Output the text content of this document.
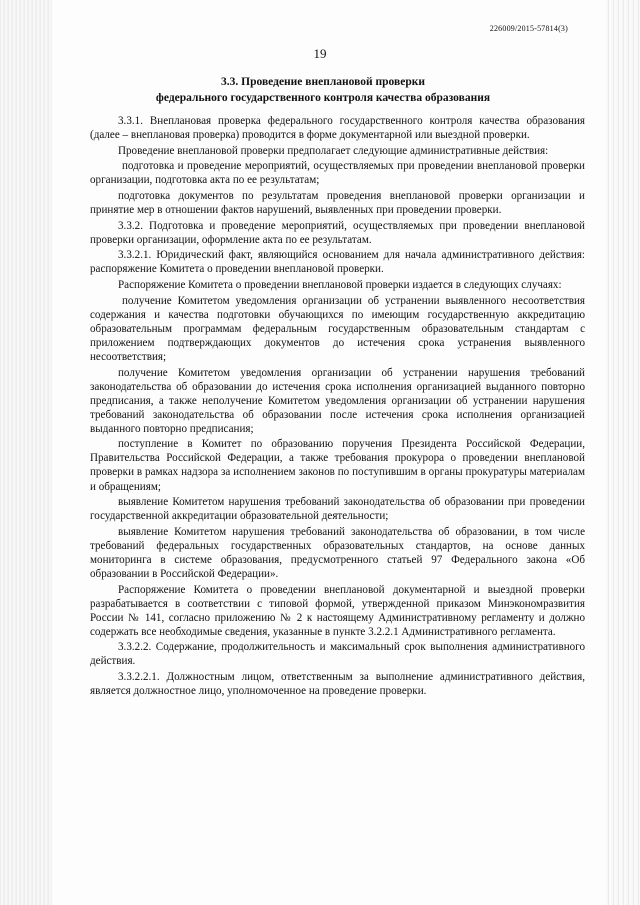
226009/2015-57814(3)
19
3.3. Проведение внеплановой проверки
федерального государственного контроля качества образования

3.3.1. Внеплановая проверка федерального государственного контроля качества образования (далее – внеплановая проверка) проводится в форме документарной или выездной проверки.

Проведение внеплановой проверки предполагает следующие административные действия:

подготовка и проведение мероприятий, осуществляемых при проведении внеплановой проверки организации, подготовка акта по ее результатам;

подготовка документов по результатам проведения внеплановой проверки организации и принятие мер в отношении фактов нарушений, выявленных при проведении проверки.

3.3.2. Подготовка и проведение мероприятий, осуществляемых при проведении внеплановой проверки организации, оформление акта по ее результатам.

3.3.2.1. Юридический факт, являющийся основанием для начала административного действия: распоряжение Комитета о проведении внеплановой проверки.

Распоряжение Комитета о проведении внеплановой проверки издается в следующих случаях:

получение Комитетом уведомления организации об устранении выявленного несоответствия содержания и качества подготовки обучающихся по имеющим государственную аккредитацию образовательным программам федеральным государственным образовательным стандартам с приложением подтверждающих документов до истечения срока устранения выявленного несоответствия;

получение Комитетом уведомления организации об устранении нарушения требований законодательства об образовании до истечения срока исполнения организацией выданного повторно предписания, а также неполучение Комитетом уведомления организации об устранении нарушения требований законодательства об образовании после истечения срока исполнения организацией выданного повторно предписания;

поступление в Комитет по образованию поручения Президента Российской Федерации, Правительства Российской Федерации, а также требования прокурора о проведении внеплановой проверки в рамках надзора за исполнением законов по поступившим в органы прокуратуры материалам и обращениям;

выявление Комитетом нарушения требований законодательства об образовании при проведении государственной аккредитации образовательной деятельности;

выявление Комитетом нарушения требований законодательства об образовании, в том числе требований федеральных государственных образовательных стандартов, на основе данных мониторинга в системе образования, предусмотренного статьей 97 Федерального закона «Об образовании в Российской Федерации».

Распоряжение Комитета о проведении внеплановой документарной и выездной проверки разрабатывается в соответствии с типовой формой, утвержденной приказом Минэкономразвития России № 141, согласно приложению № 2 к настоящему Административному регламенту и должно содержать все необходимые сведения, указанные в пункте 3.2.2.1 Административного регламента.

3.3.2.2. Содержание, продолжительность и максимальный срок выполнения административного действия.

3.3.2.2.1. Должностным лицом, ответственным за выполнение административного действия, является должностное лицо, уполномоченное на проведение проверки.
